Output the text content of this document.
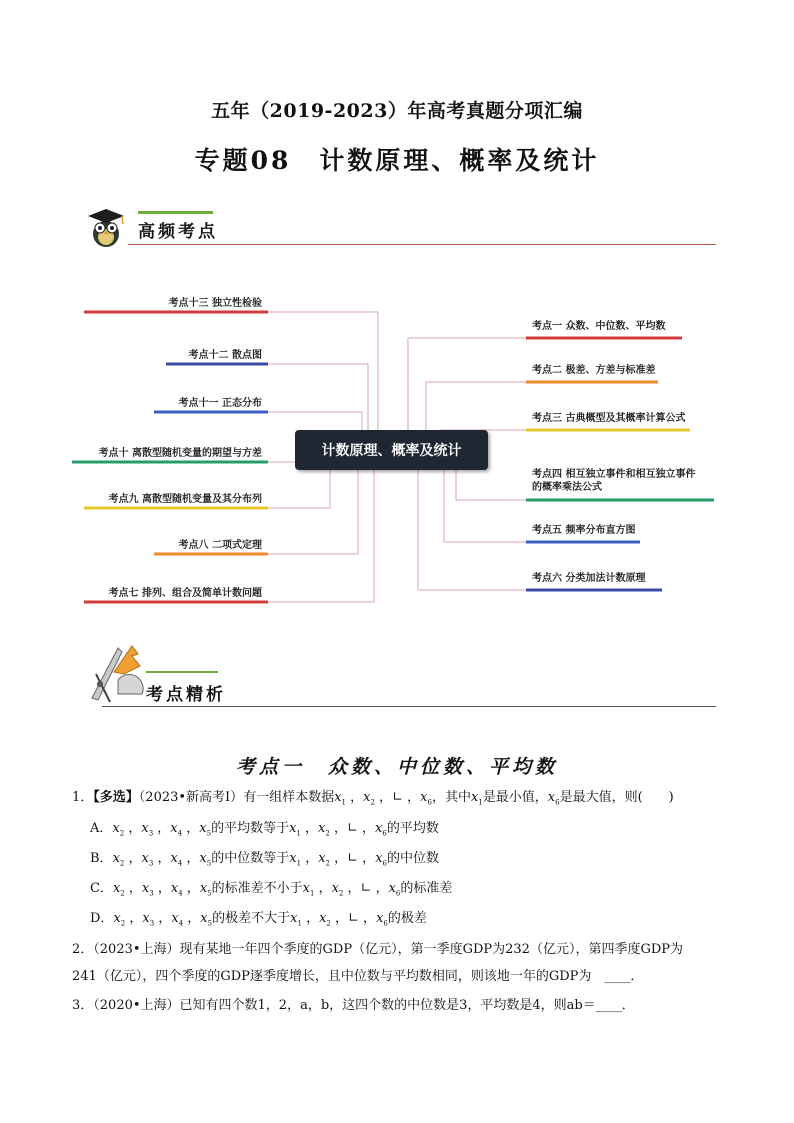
五年（2019-2023）年高考真题分项汇编
专题08　计数原理、概率及统计
高频考点
考点十三 独立性检验
考点十二 散点图
考点十一 正态分布
考点十 离散型随机变量的期望与方差
考点九 离散型随机变量及其分布列
考点八 二项式定理
考点七 排列、组合及简单计数问题
考点一 众数、中位数、平均数
考点二 极差、方差与标准差
考点三 古典概型及其概率计算公式
考点四 相互独立事件和相互独立事件
的概率乘法公式
考点五 频率分布直方图
考点六 分类加法计数原理
计数原理、概率及统计
考点精析
考点一　众数、中位数、平均数
1．【多选】（2023•新高考Ⅰ）有一组样本数据$x_1$ ，$x_2$ ，∟ ，$x_6$，其中$x_1$是最小值，$x_6$是最大值，则(　　)
A．$x_2$ ，$x_3$ ，$x_4$ ，$x_5$的平均数等于$x_1$ ，$x_2$ ，∟ ，$x_6$的平均数
B．$x_2$ ，$x_3$ ，$x_4$ ，$x_5$的中位数等于$x_1$ ，$x_2$ ，∟ ，$x_6$的中位数
C．$x_2$ ，$x_3$ ，$x_4$ ，$x_5$的标准差不小于$x_1$ ，$x_2$ ，∟ ，$x_6$的标准差
D．$x_2$ ，$x_3$ ，$x_4$ ，$x_5$的极差不大于$x_1$ ，$x_2$ ，∟ ，$x_6$的极差
2．（2023•上海）现有某地一年四个季度的GDP（亿元），第一季度GDP为232（亿元），第四季度GDP为
241（亿元），四个季度的GDP逐季度增长，且中位数与平均数相同，则该地一年的GDP为　____．
3．（2020•上海）已知有四个数1，2，a，b，这四个数的中位数是3，平均数是4，则ab＝____．
